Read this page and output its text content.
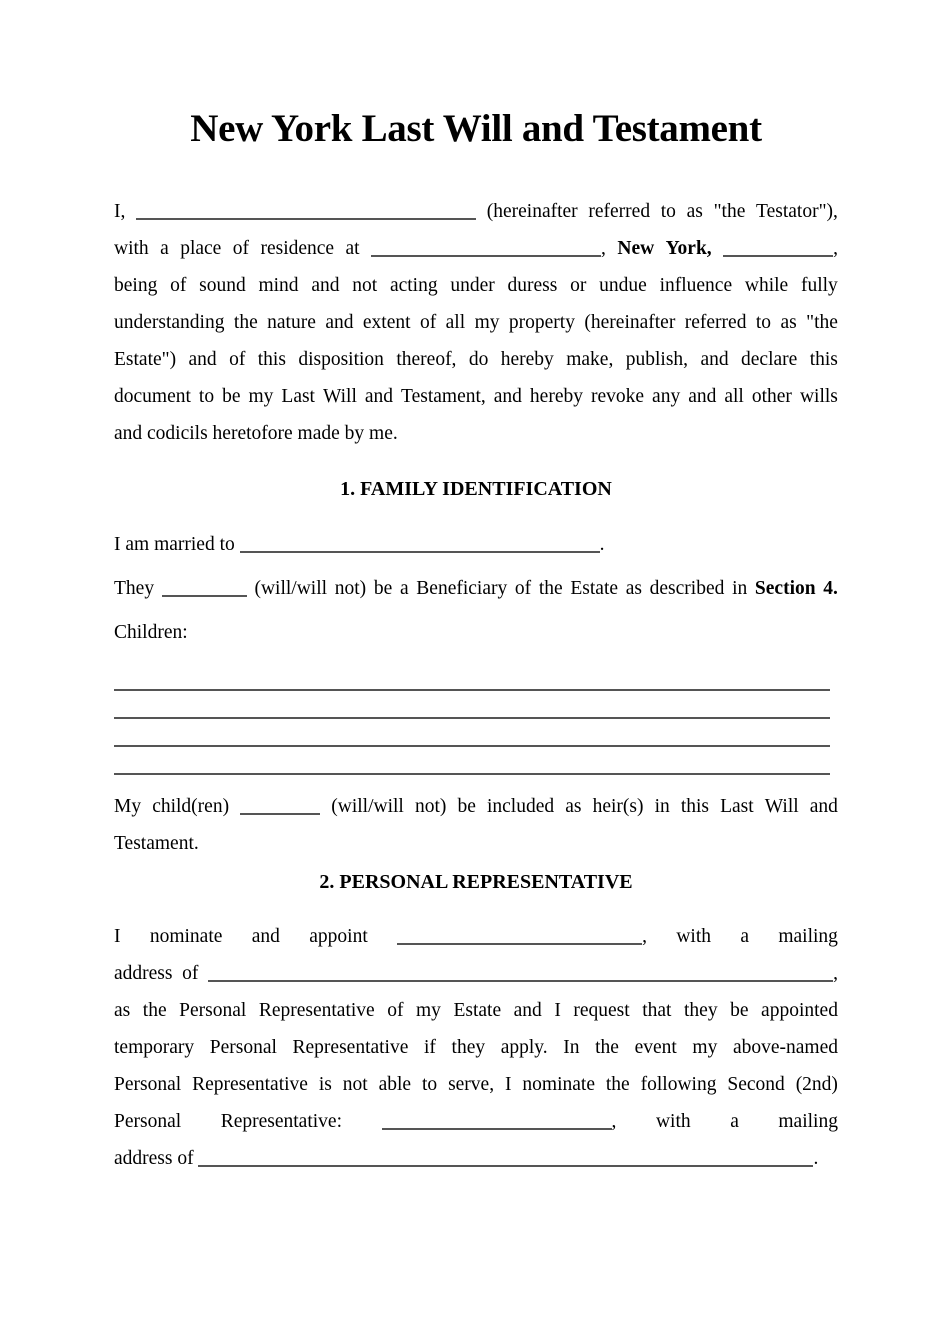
New York Last Will and Testament
I,	(hereinafter referred to as "the Testator"),
with a place of residence at	, New York,	,
being of sound mind and not acting under duress or undue influence while fully
understanding the nature and extent of all my property (hereinafter referred to as "the
Estate") and of this disposition thereof, do hereby make, publish, and declare this
document to be my Last Will and Testament, and hereby revoke any and all other wills
and codicils heretofore made by me.
1. FAMILY IDENTIFICATION
I am married to	.
They	(will/will not) be a Beneficiary of the Estate as described in Section 4.
Children:
My child(ren)	(will/will not) be included as heir(s) in this Last Will and
Testament.
2. PERSONAL REPRESENTATIVE
I nominate and appoint	, with a mailing
address of	,
as the Personal Representative of my Estate and I request that they be appointed
temporary Personal Representative if they apply. In the event my above-named
Personal Representative is not able to serve, I nominate the following Second (2nd)
Personal Representative:	, with a mailing
address of	.
